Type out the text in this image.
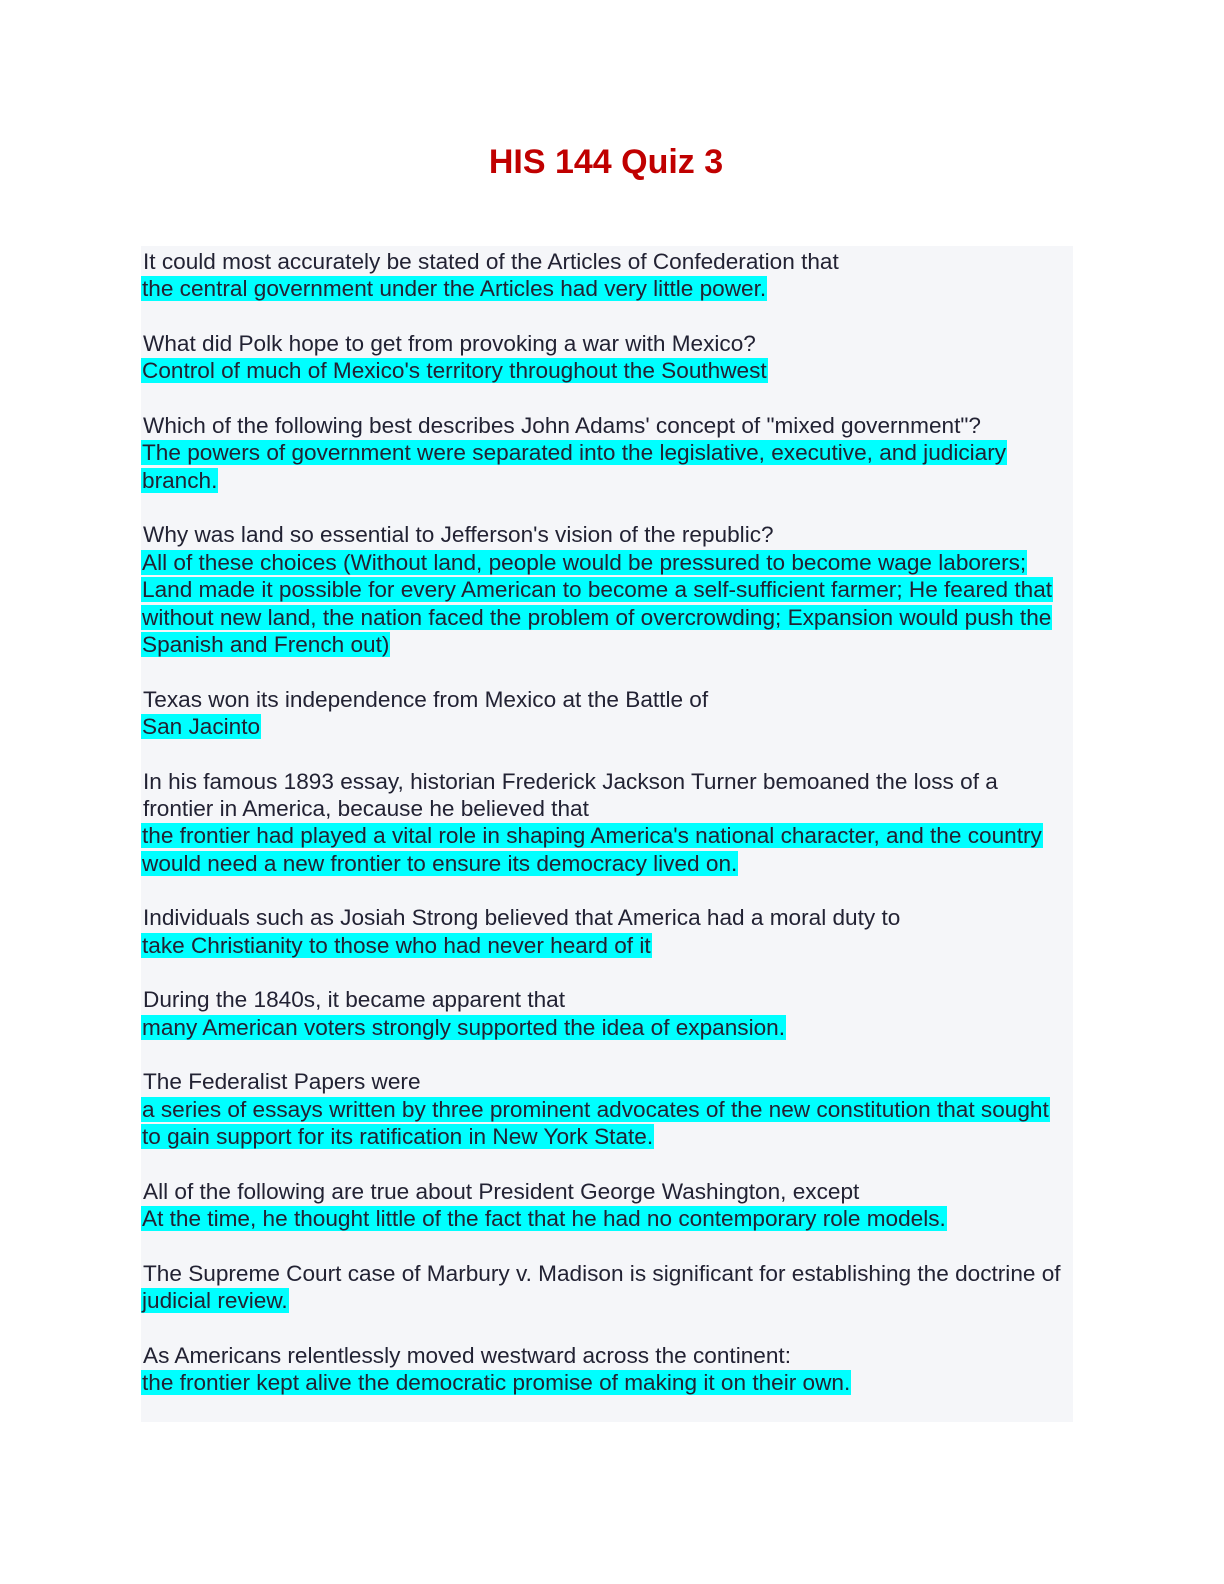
HIS 144 Quiz 3
It could most accurately be stated of the Articles of Confederation that
the central government under the Articles had very little power.
What did Polk hope to get from provoking a war with Mexico?
Control of much of Mexico's territory throughout the Southwest
Which of the following best describes John Adams' concept of "mixed government"?
The powers of government were separated into the legislative, executive, and judiciary branch.
Why was land so essential to Jefferson's vision of the republic?
All of these choices (Without land, people would be pressured to become wage laborers; Land made it possible for every American to become a self-sufficient farmer; He feared that without new land, the nation faced the problem of overcrowding; Expansion would push the Spanish and French out)
Texas won its independence from Mexico at the Battle of
San Jacinto
In his famous 1893 essay, historian Frederick Jackson Turner bemoaned the loss of a frontier in America, because he believed that
the frontier had played a vital role in shaping America's national character, and the country would need a new frontier to ensure its democracy lived on.
Individuals such as Josiah Strong believed that America had a moral duty to
take Christianity to those who had never heard of it
During the 1840s, it became apparent that
many American voters strongly supported the idea of expansion.
The Federalist Papers were
a series of essays written by three prominent advocates of the new constitution that sought to gain support for its ratification in New York State.
All of the following are true about President George Washington, except
At the time, he thought little of the fact that he had no contemporary role models.
The Supreme Court case of Marbury v. Madison is significant for establishing the doctrine of
judicial review.
As Americans relentlessly moved westward across the continent:
the frontier kept alive the democratic promise of making it on their own.
